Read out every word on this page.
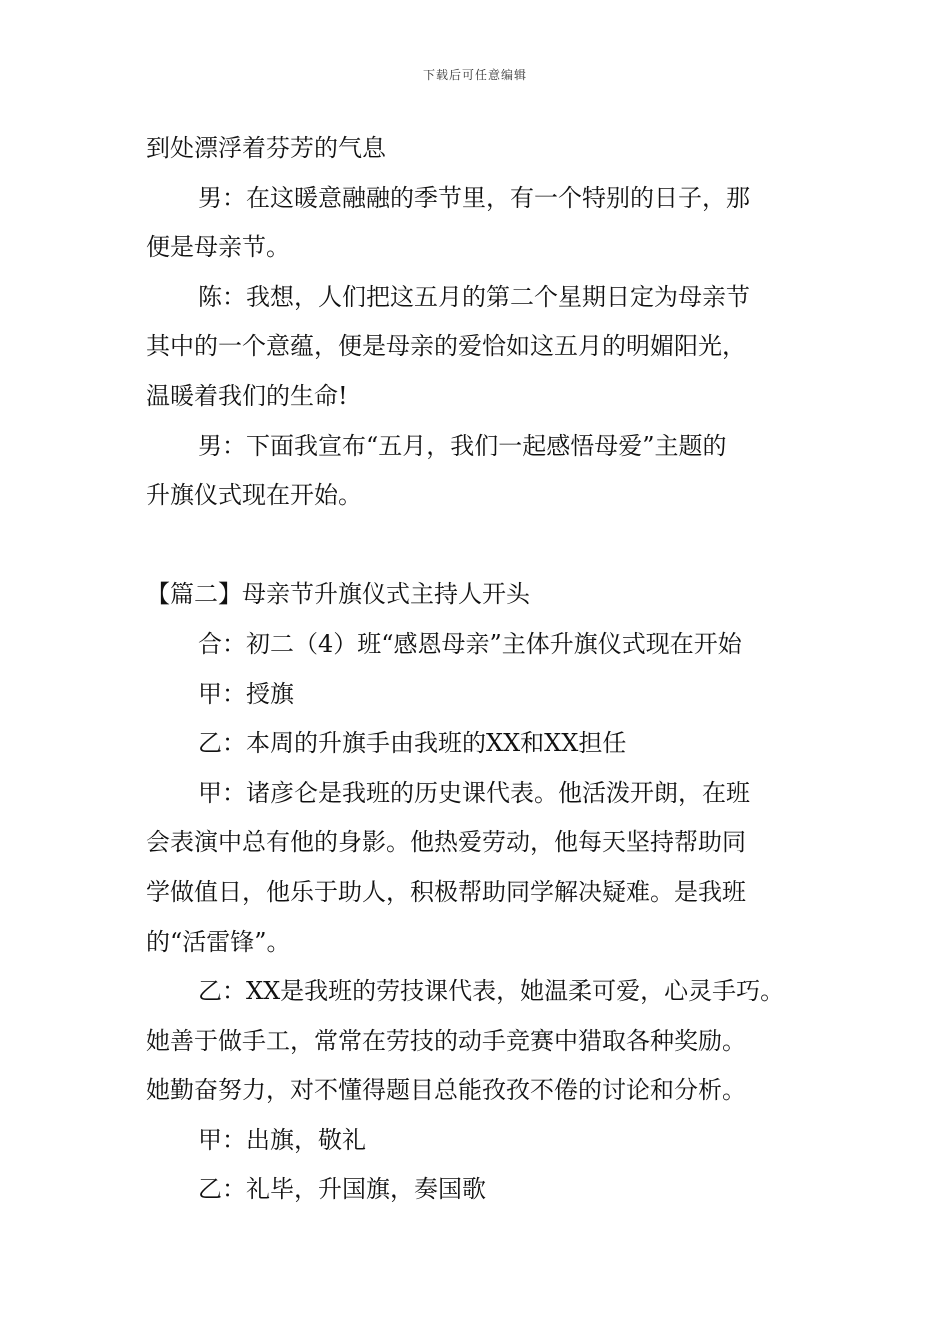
下载后可任意编辑
到处漂浮着芬芳的气息
男：在这暖意融融的季节里，有一个特别的日子，那
便是母亲节。
陈：我想，人们把这五月的第二个星期日定为母亲节
其中的一个意蕴，便是母亲的爱恰如这五月的明媚阳光，
温暖着我们的生命!
男：下面我宣布“五月，我们一起感悟母爱”主题的
升旗仪式现在开始。
【篇二】母亲节升旗仪式主持人开头
合：初二（4）班“感恩母亲”主体升旗仪式现在开始
甲：授旗
乙：本周的升旗手由我班的XX和XX担任
甲：诸彦仑是我班的历史课代表。他活泼开朗，在班
会表演中总有他的身影。他热爱劳动，他每天坚持帮助同
学做值日，他乐于助人，积极帮助同学解决疑难。是我班
的“活雷锋”。
乙：XX是我班的劳技课代表，她温柔可爱，心灵手巧。
她善于做手工，常常在劳技的动手竞赛中猎取各种奖励。
她勤奋努力，对不懂得题目总能孜孜不倦的讨论和分析。
甲：出旗，敬礼
乙：礼毕，升国旗，奏国歌
